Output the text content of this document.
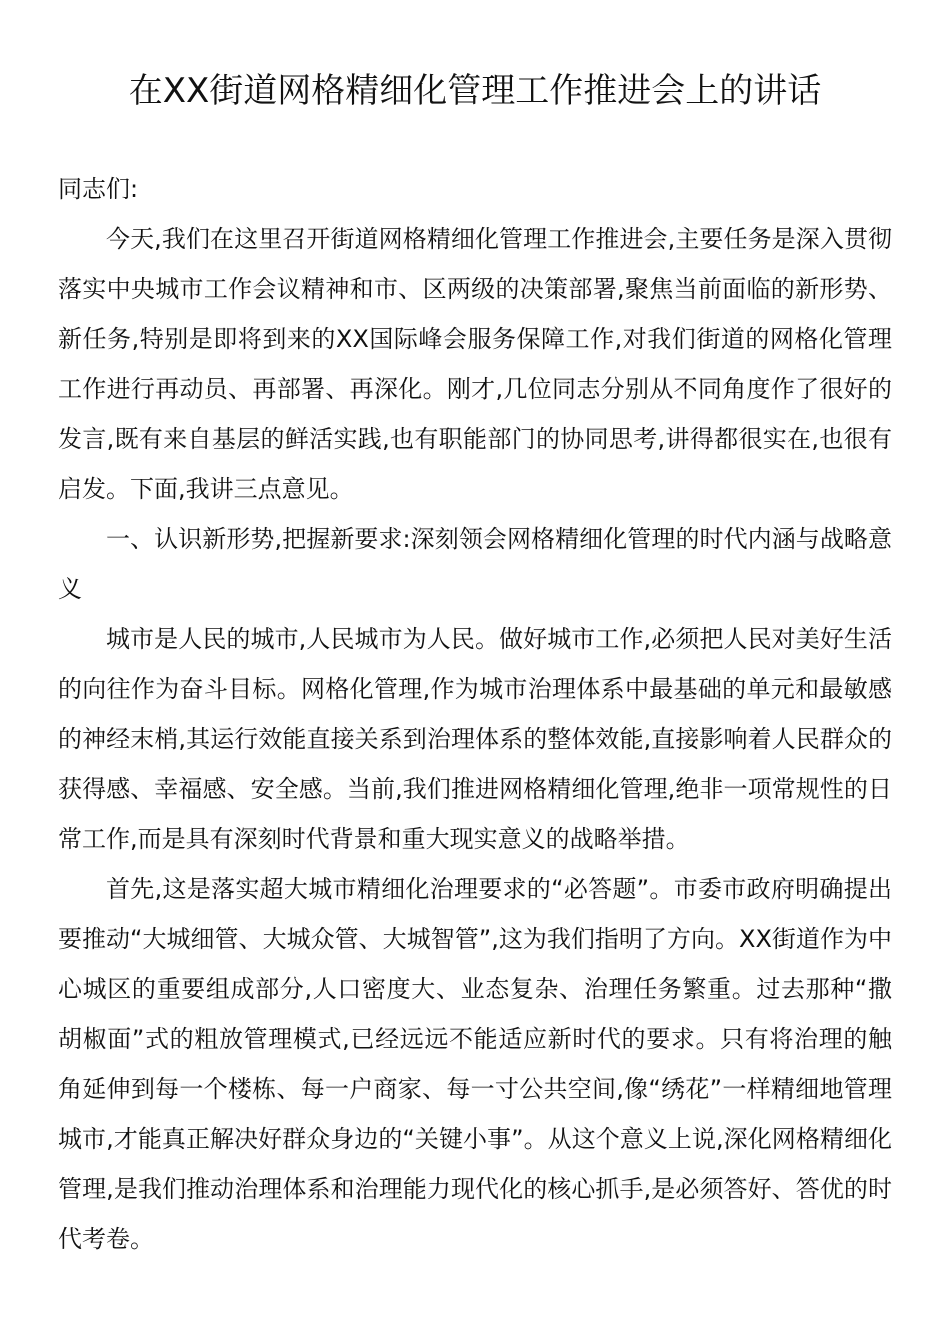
在XX街道网格精细化管理工作推进会上的讲话

同志们:

今天,我们在这里召开街道网格精细化管理工作推进会,主要任务是深入贯彻落实中央城市工作会议精神和市、区两级的决策部署,聚焦当前面临的新形势、新任务,特别是即将到来的XX国际峰会服务保障工作,对我们街道的网格化管理工作进行再动员、再部署、再深化。刚才,几位同志分别从不同角度作了很好的发言,既有来自基层的鲜活实践,也有职能部门的协同思考,讲得都很实在,也很有启发。下面,我讲三点意见。

一、认识新形势,把握新要求:深刻领会网格精细化管理的时代内涵与战略意义

城市是人民的城市,人民城市为人民。做好城市工作,必须把人民对美好生活的向往作为奋斗目标。网格化管理,作为城市治理体系中最基础的单元和最敏感的神经末梢,其运行效能直接关系到治理体系的整体效能,直接影响着人民群众的获得感、幸福感、安全感。当前,我们推进网格精细化管理,绝非一项常规性的日常工作,而是具有深刻时代背景和重大现实意义的战略举措。

首先,这是落实超大城市精细化治理要求的“必答题”。市委市政府明确提出要推动“大城细管、大城众管、大城智管”,这为我们指明了方向。XX街道作为中心城区的重要组成部分,人口密度大、业态复杂、治理任务繁重。过去那种“撒胡椒面”式的粗放管理模式,已经远远不能适应新时代的要求。只有将治理的触角延伸到每一个楼栋、每一户商家、每一寸公共空间,像“绣花”一样精细地管理城市,才能真正解决好群众身边的“关键小事”。从这个意义上说,深化网格精细化管理,是我们推动治理体系和治理能力现代化的核心抓手,是必须答好、答优的时代考卷。
